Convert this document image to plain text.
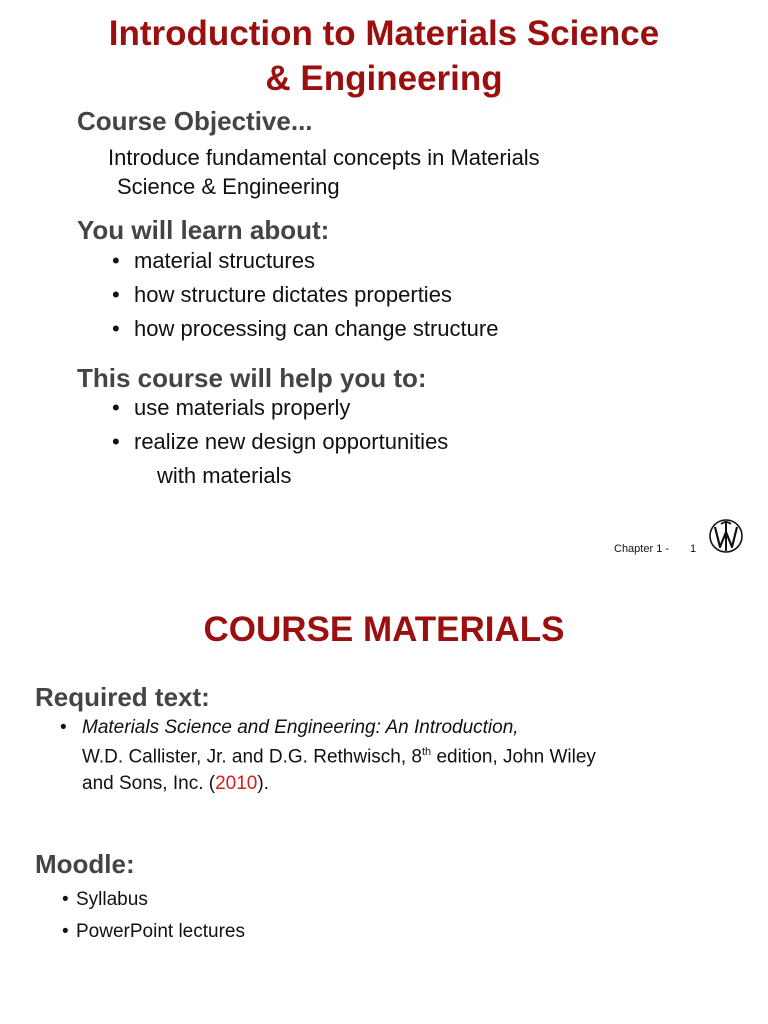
Introduction to Materials Science
& Engineering
Course Objective...
Introduce fundamental concepts in Materials
Science & Engineering
You will learn about:
• material structures
• how structure dictates properties
• how processing can change structure
This course will help you to:
• use materials properly
• realize new design opportunities
with materials
Chapter 1 - 1
COURSE MATERIALS
Required text:
• Materials Science and Engineering: An Introduction,
W.D. Callister, Jr. and D.G. Rethwisch, 8th edition, John Wiley
and Sons, Inc. (2010).
Moodle:
• Syllabus
• PowerPoint lectures
